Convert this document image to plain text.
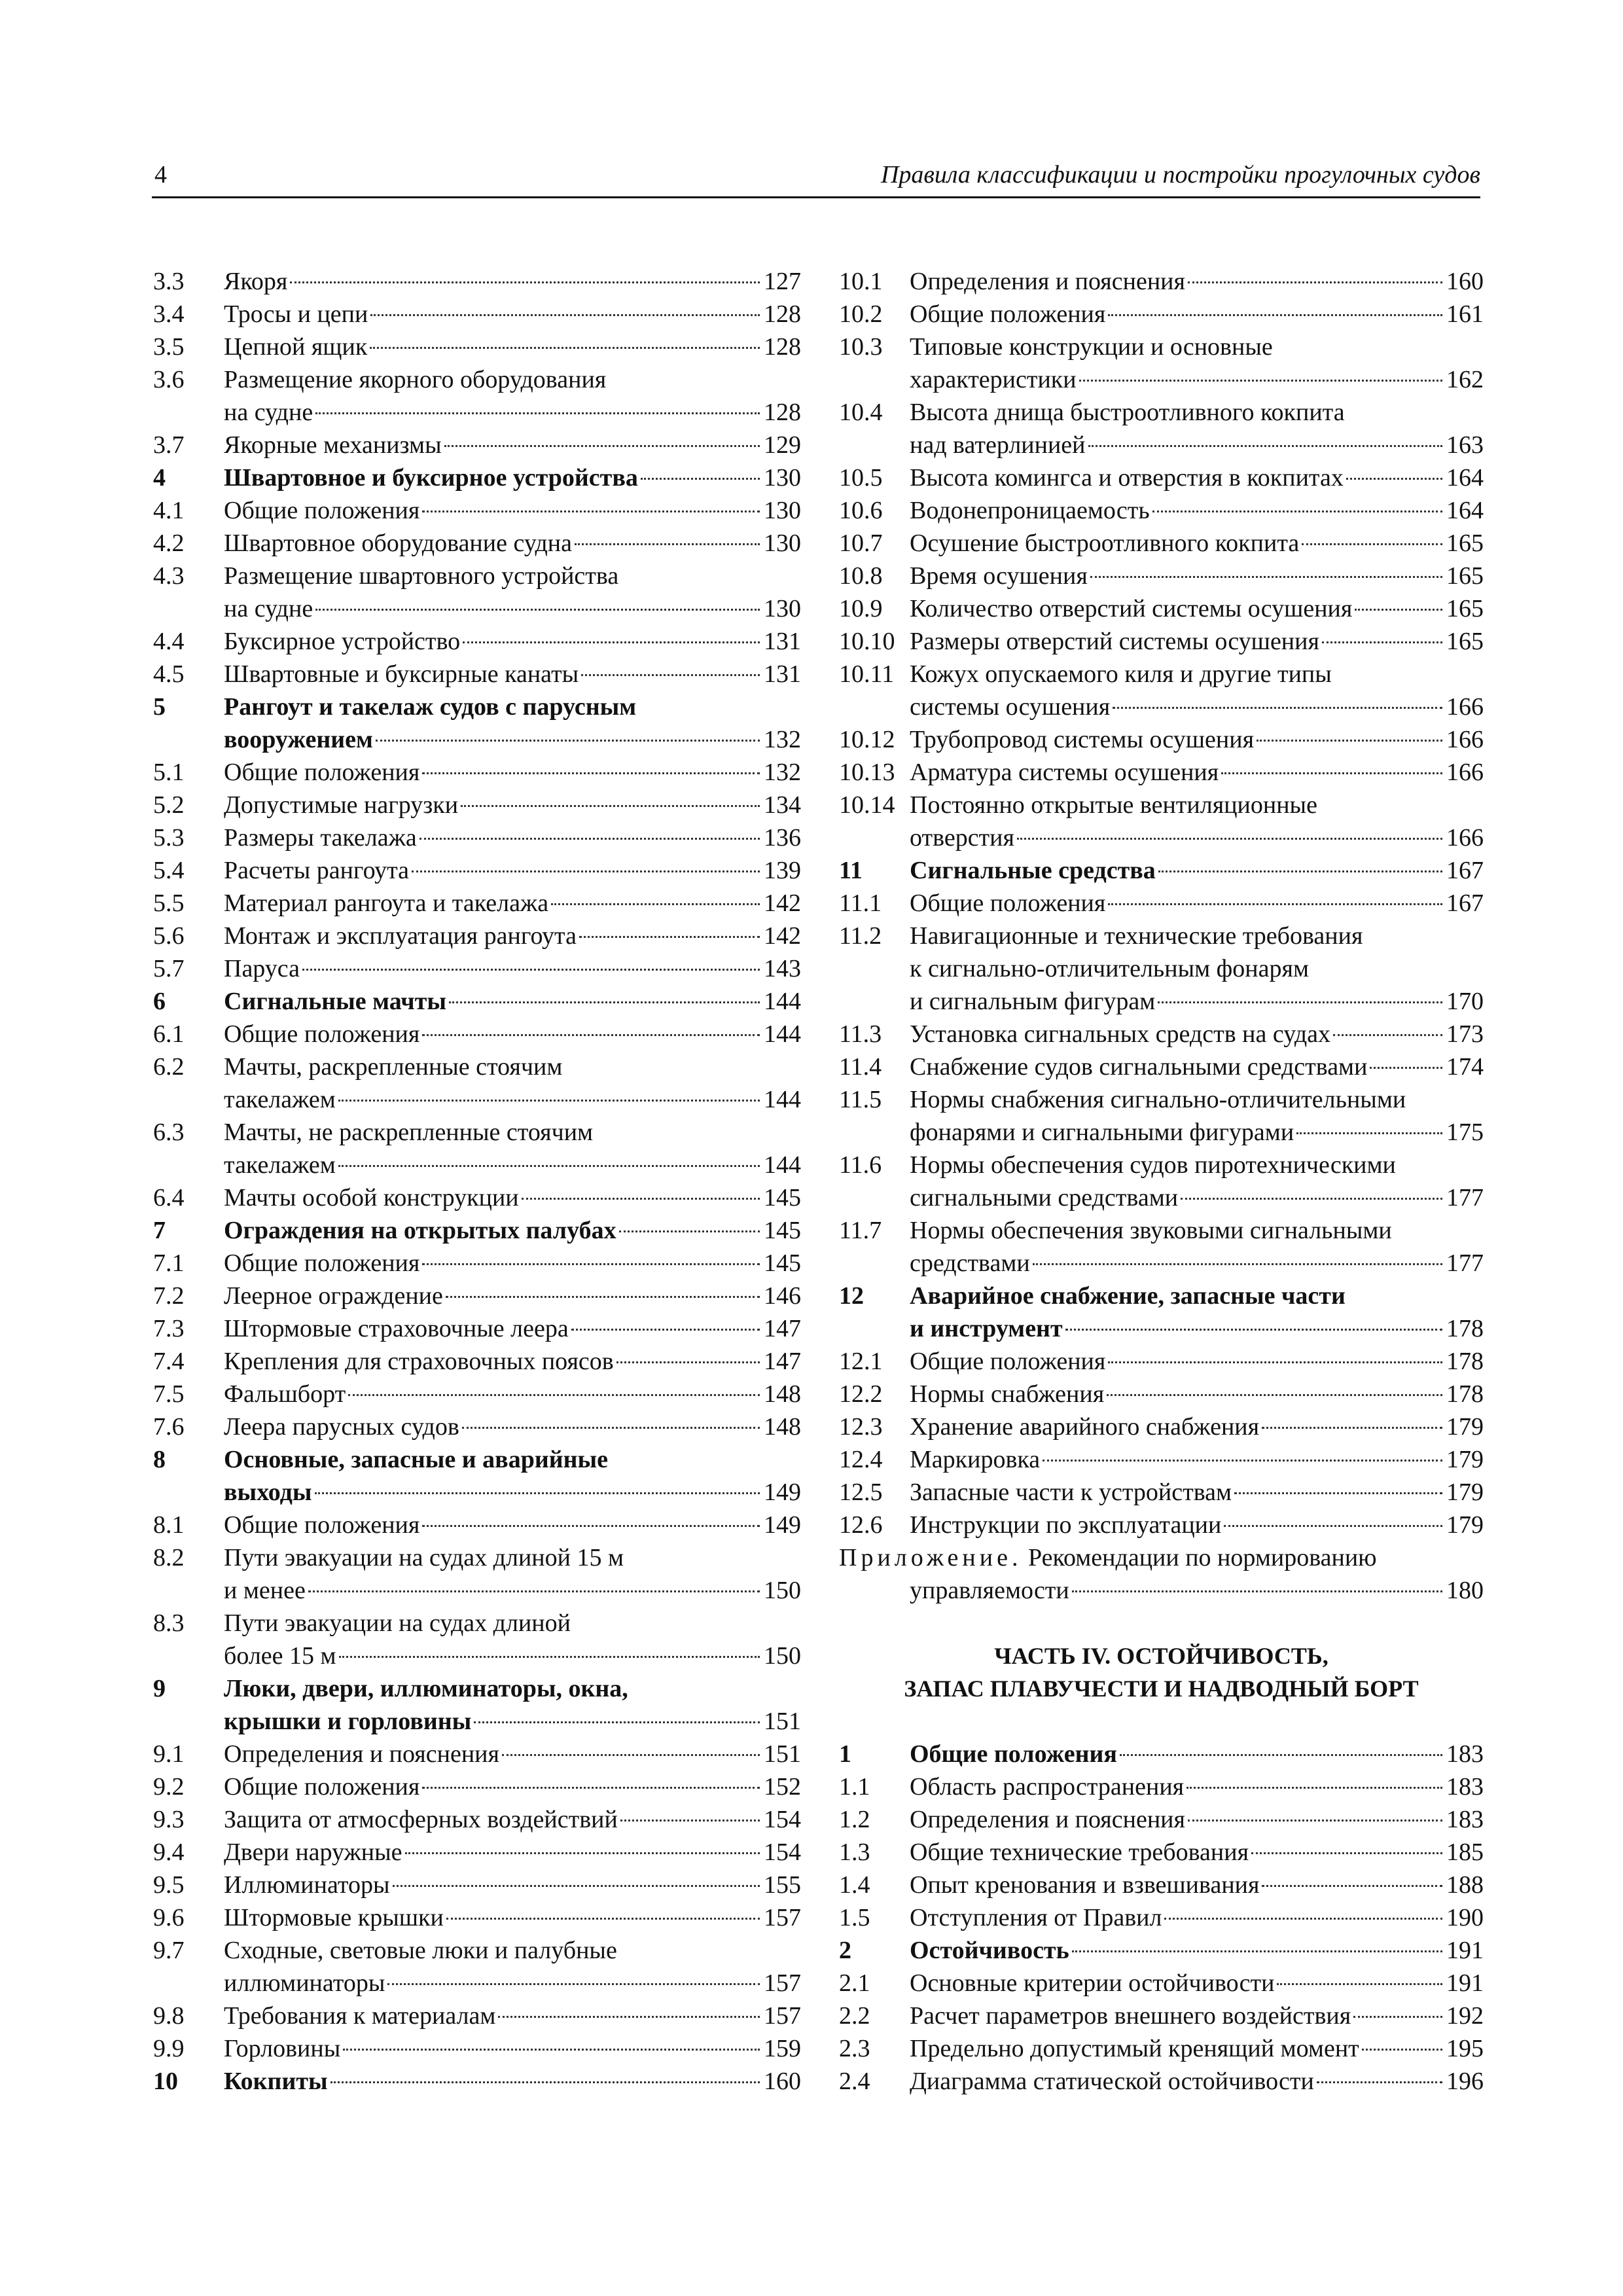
4	Правила классификации и постройки прогулочных судов
3.3	Якоря	127
3.4	Тросы и цепи	128
3.5	Цепной ящик	128
3.6	Размещение якорного оборудования
на судне	128
3.7	Якорные механизмы	129
4	Швартовное и буксирное устройства	130
4.1	Общие положения	130
4.2	Швартовное оборудование судна	130
4.3	Размещение швартовного устройства
на судне	130
4.4	Буксирное устройство	131
4.5	Швартовные и буксирные канаты	131
5	Рангоут и такелаж судов с парусным
вооружением	132
5.1	Общие положения	132
5.2	Допустимые нагрузки	134
5.3	Размеры такелажа	136
5.4	Расчеты рангоута	139
5.5	Материал рангоута и такелажа	142
5.6	Монтаж и эксплуатация рангоута	142
5.7	Паруса	143
6	Сигнальные мачты	144
6.1	Общие положения	144
6.2	Мачты, раскрепленные стоячим
такелажем	144
6.3	Мачты, не раскрепленные стоячим
такелажем	144
6.4	Мачты особой конструкции	145
7	Ограждения на открытых палубах	145
7.1	Общие положения	145
7.2	Леерное ограждение	146
7.3	Штормовые страховочные леера	147
7.4	Крепления для страховочных поясов	147
7.5	Фальшборт	148
7.6	Леера парусных судов	148
8	Основные, запасные и аварийные
выходы	149
8.1	Общие положения	149
8.2	Пути эвакуации на судах длиной 15 м
и менее	150
8.3	Пути эвакуации на судах длиной
более 15 м	150
9	Люки, двери, иллюминаторы, окна,
крышки и горловины	151
9.1	Определения и пояснения	151
9.2	Общие положения	152
9.3	Защита от атмосферных воздействий	154
9.4	Двери наружные	154
9.5	Иллюминаторы	155
9.6	Штормовые крышки	157
9.7	Сходные, световые люки и палубные
иллюминаторы	157
9.8	Требования к материалам	157
9.9	Горловины	159
10	Кокпиты	160
10.1	Определения и пояснения	160
10.2	Общие положения	161
10.3	Типовые конструкции и основные
характеристики	162
10.4	Высота днища быстроотливного кокпита
над ватерлинией	163
10.5	Высота комингса и отверстия в кокпитах	164
10.6	Водонепроницаемость	164
10.7	Осушение быстроотливного кокпита	165
10.8	Время осушения	165
10.9	Количество отверстий системы осушения	165
10.10 Размеры отверстий системы осушения	165
10.11 Кожух опускаемого киля и другие типы
системы осушения	166
10.12 Трубопровод системы осушения	166
10.13 Арматура системы осушения	166
10.14 Постоянно открытые вентиляционные
отверстия	166
11	Сигнальные средства	167
11.1	Общие положения	167
11.2	Навигационные и технические требования
к сигнально-отличительным фонарям
и сигнальным фигурам	170
11.3	Установка сигнальных средств на судах	173
11.4	Снабжение судов сигнальными средствами	174
11.5	Нормы снабжения сигнально-отличительными
фонарями и сигнальными фигурами	175
11.6	Нормы обеспечения судов пиротехническими
сигнальными средствами	177
11.7	Нормы обеспечения звуковыми сигнальными
средствами	177
12	Аварийное снабжение, запасные части
и инструмент	178
12.1	Общие положения	178
12.2	Нормы снабжения	178
12.3	Хранение аварийного снабжения	179
12.4	Маркировка	179
12.5	Запасные части к устройствам	179
12.6	Инструкции по эксплуатации	179
Приложение. Рекомендации по нормированию
управляемости	180
ЧАСТЬ IV. ОСТОЙЧИВОСТЬ,
ЗАПАС ПЛАВУЧЕСТИ И НАДВОДНЫЙ БОРТ
1	Общие положения	183
1.1	Область распространения	183
1.2	Определения и пояснения	183
1.3	Общие технические требования	185
1.4	Опыт кренования и взвешивания	188
1.5	Отступления от Правил	190
2	Остойчивость	191
2.1	Основные критерии остойчивости	191
2.2	Расчет параметров внешнего воздействия	192
2.3	Предельно допустимый кренящий момент	195
2.4	Диаграмма статической остойчивости	196
